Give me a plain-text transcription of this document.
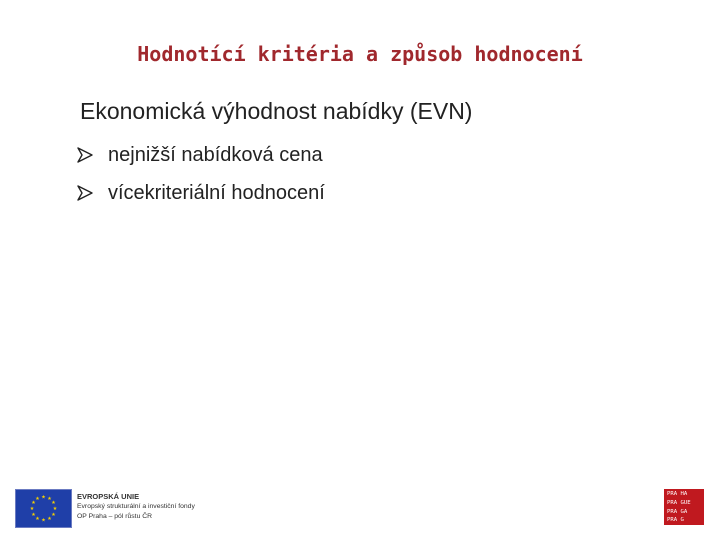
Hodnotící kritéria a způsob hodnocení
Ekonomická výhodnost nabídky (EVN)
nejnižší nabídková cena
vícekriteriální hodnocení
★ ★
★
★
★
★
★
★
★
★
★
★	EVROPSKÁ UNIE
Evropský strukturální a investiční fondy
OP Praha – pól růstu ČR
PRA HA
PRA GUE
PRA GA
PRA G
